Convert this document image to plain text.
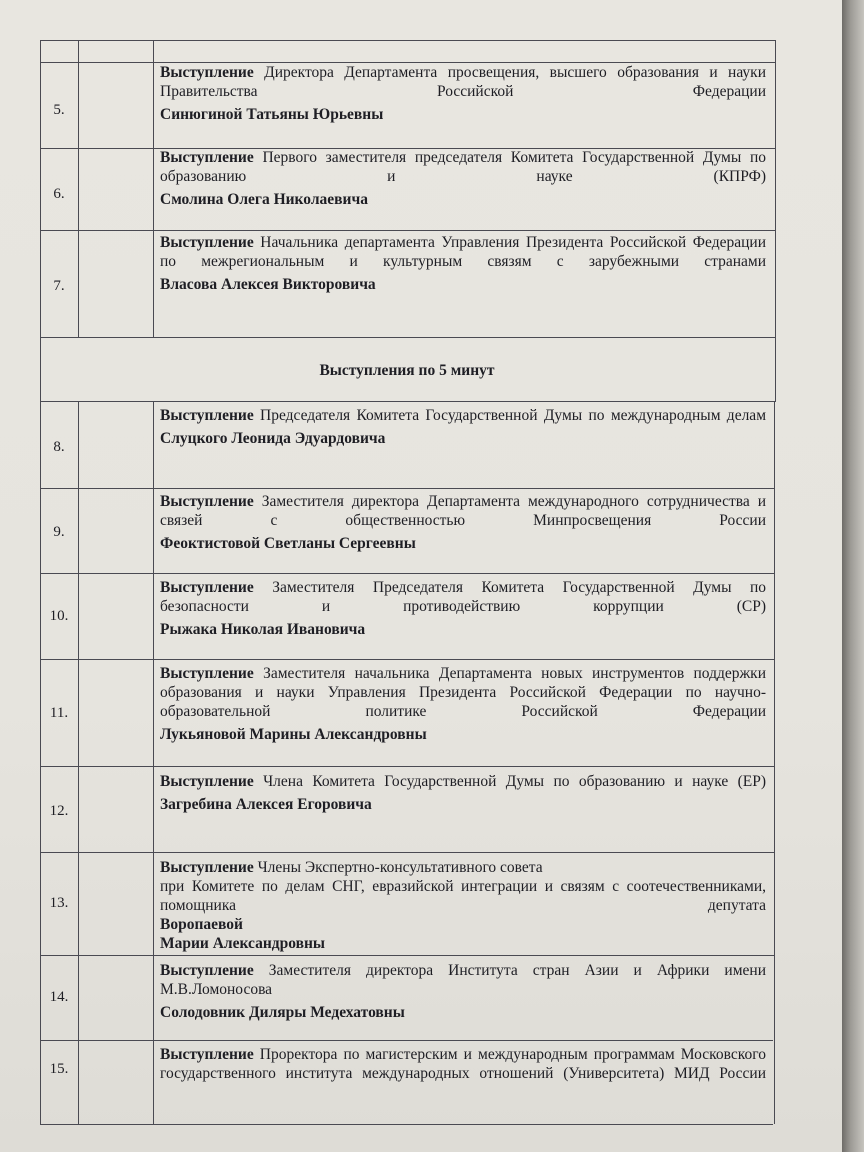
5.

Выступление Директора Департамента просвещения, высшего образования и науки Правительства Российской Федерации

Синюгиной Татьяны Юрьевны

6.

Выступление Первого заместителя председателя Комитета Государственной Думы по образованию и науке (КПРФ)

Смолина Олега Николаевича

7.

Выступление Начальника департамента Управления Президента Российской Федерации по межрегиональным и культурным связям с зарубежными странами

Власова Алексея Викторовича

Выступления по 5 минут
8.

Выступление Председателя Комитета Государственной Думы по международным делам

Слуцкого Леонида Эдуардовича

9.

Выступление Заместителя директора Департамента международного сотрудничества и связей с общественностью Минпросвещения России

Феоктистовой Светланы Сергеевны

10.

Выступление Заместителя Председателя Комитета Государственной Думы по безопасности и противодействию коррупции (СР)

Рыжака Николая Ивановича

11.

Выступление Заместителя начальника Департамента новых инструментов поддержки образования и науки Управления Президента Российской Федерации по научно-образовательной политике Российской Федерации

Лукьяновой Марины Александровны

12.

Выступление Члена Комитета Государственной Думы по образованию и науке (ЕР)

Загребина Алексея Егоровича

13.

Выступление Члены Экспертно-консультативного совета

при Комитете по делам СНГ, евразийской интеграции и связям с соотечественниками, помощника депутата

Воропаевой

Марии Александровны

14.

Выступление Заместителя директора Института стран Азии и Африки имени М.В.Ломоносова

Солодовник Диляры Медехатовны

15.

Выступление Проректора по магистерским и международным программам Московского государственного института международных отношений (Университета) МИД России
